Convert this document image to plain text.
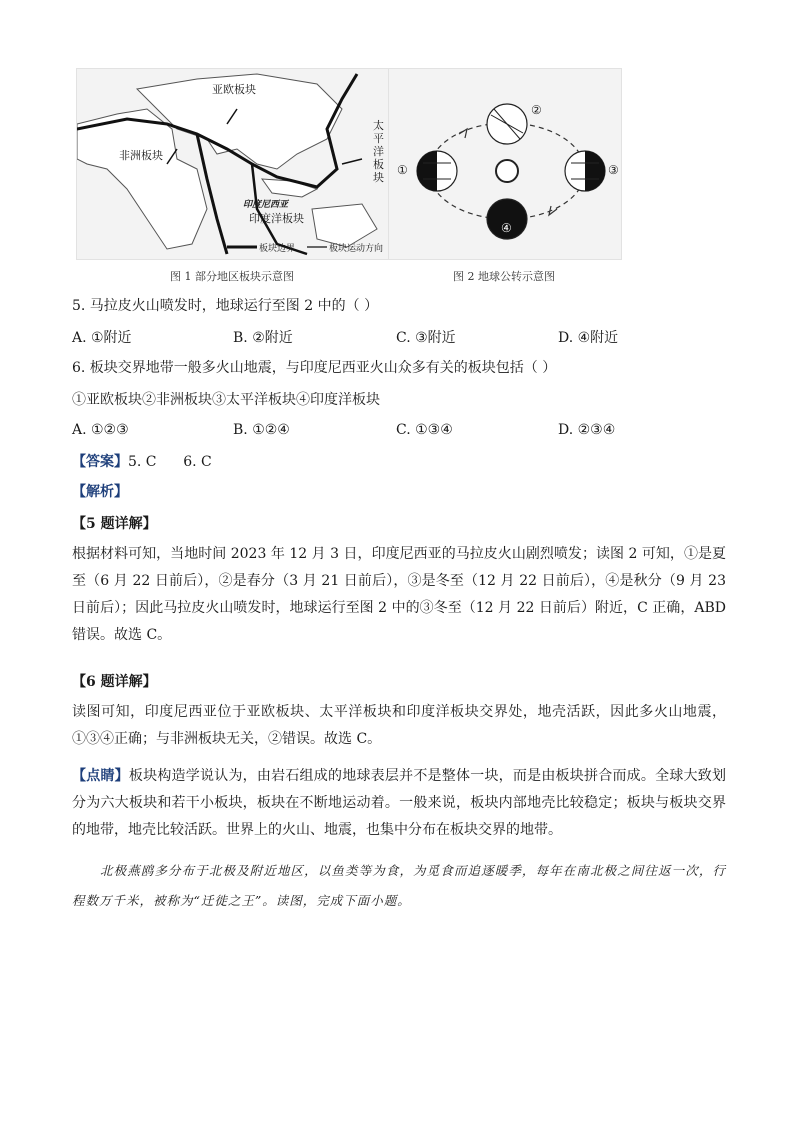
亚欧板块
太平洋板块
非洲板块
印度尼西亚
印度洋板块
板块边界	板块运动方向
①
②
③
④
图 1 部分地区板块示意图	图 2 地球公转示意图
5. 马拉皮火山喷发时，地球运行至图 2 中的（ ）
A. ①附近	B. ②附近	C. ③附近	D. ④附近
6. 板块交界地带一般多火山地震，与印度尼西亚火山众多有关的板块包括（ ）
①亚欧板块②非洲板块③太平洋板块④印度洋板块
A. ①②③	B. ①②④	C. ①③④	D. ②③④
【答案】5. C      6. C
【解析】
【5 题详解】
根据材料可知，当地时间 2023 年 12 月 3 日，印度尼西亚的马拉皮火山剧烈喷发；读图 2 可知，①是夏至（6 月 22 日前后），②是春分（3 月 21 日前后），③是冬至（12 月 22 日前后），④是秋分（9 月 23 日前后）；因此马拉皮火山喷发时，地球运行至图 2 中的③冬至（12 月 22 日前后）附近，C 正确，ABD 错误。故选 C。
【6 题详解】
读图可知，印度尼西亚位于亚欧板块、太平洋板块和印度洋板块交界处，地壳活跃，因此多火山地震，①③④正确；与非洲板块无关，②错误。故选 C。
【点睛】板块构造学说认为，由岩石组成的地球表层并不是整体一块，而是由板块拼合而成。全球大致划分为六大板块和若干小板块，板块在不断地运动着。一般来说，板块内部地壳比较稳定；板块与板块交界的地带，地壳比较活跃。世界上的火山、地震，也集中分布在板块交界的地带。
北极燕鸥多分布于北极及附近地区，以鱼类等为食，为觅食而追逐暖季，每年在南北极之间往返一次，行程数万千米，被称为“迁徙之王”。读图，完成下面小题。
